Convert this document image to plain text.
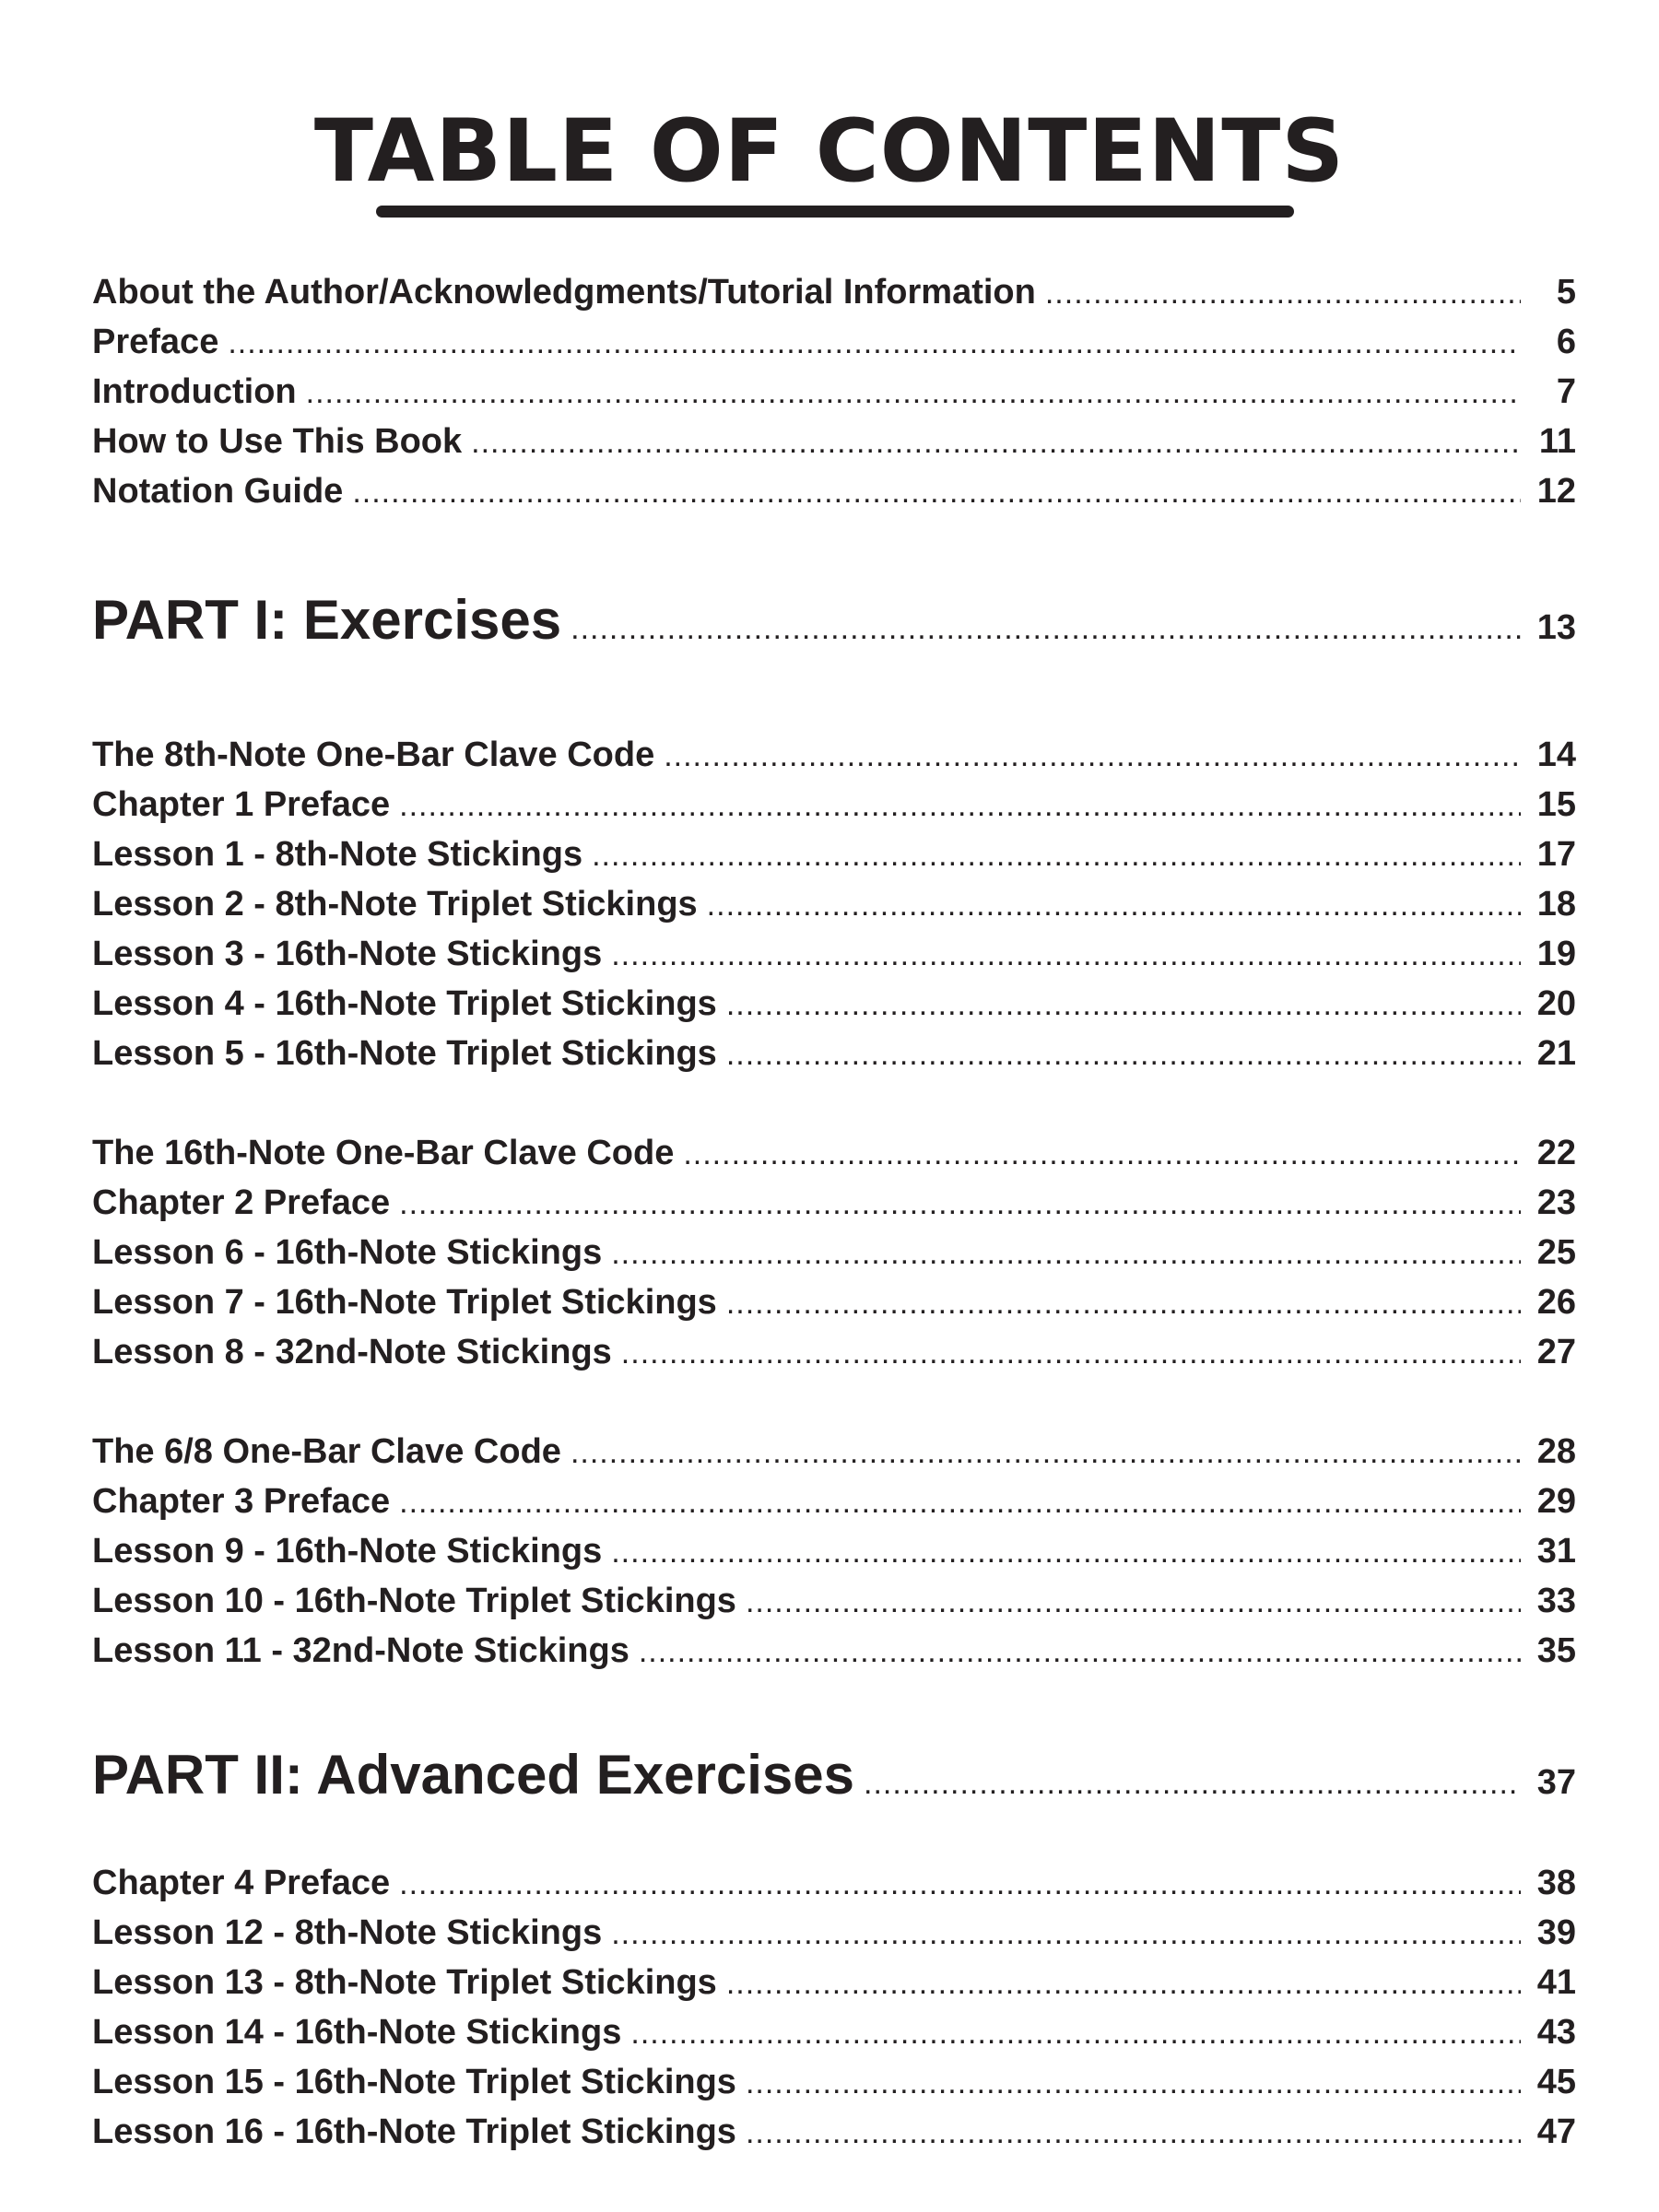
TABLE OF CONTENTS
About the Author/Acknowledgments/Tutorial Information .....	5
Preface .....	6
Introduction .....	7
How to Use This Book .....	11
Notation Guide .....	12
PART I: Exercises .....	13
The 8th-Note One-Bar Clave Code .....	14
Chapter 1 Preface .....	15
Lesson 1 - 8th-Note Stickings .....	17
Lesson 2 - 8th-Note Triplet Stickings .....	18
Lesson 3 - 16th-Note Stickings .....	19
Lesson 4 - 16th-Note Triplet Stickings .....	20
Lesson 5 - 16th-Note Triplet Stickings .....	21
The 16th-Note One-Bar Clave Code .....	22
Chapter 2 Preface .....	23
Lesson 6 - 16th-Note Stickings .....	25
Lesson 7 - 16th-Note Triplet Stickings .....	26
Lesson 8 - 32nd-Note Stickings .....	27
The 6/8 One-Bar Clave Code .....	28
Chapter 3 Preface .....	29
Lesson 9 - 16th-Note Stickings .....	31
Lesson 10 - 16th-Note Triplet Stickings .....	33
Lesson 11 - 32nd-Note Stickings .....	35
PART II: Advanced Exercises .....	37
Chapter 4 Preface .....	38
Lesson 12 - 8th-Note Stickings .....	39
Lesson 13 - 8th-Note Triplet Stickings .....	41
Lesson 14 - 16th-Note Stickings .....	43
Lesson 15 - 16th-Note Triplet Stickings .....	45
Lesson 16 - 16th-Note Triplet Stickings .....	47
